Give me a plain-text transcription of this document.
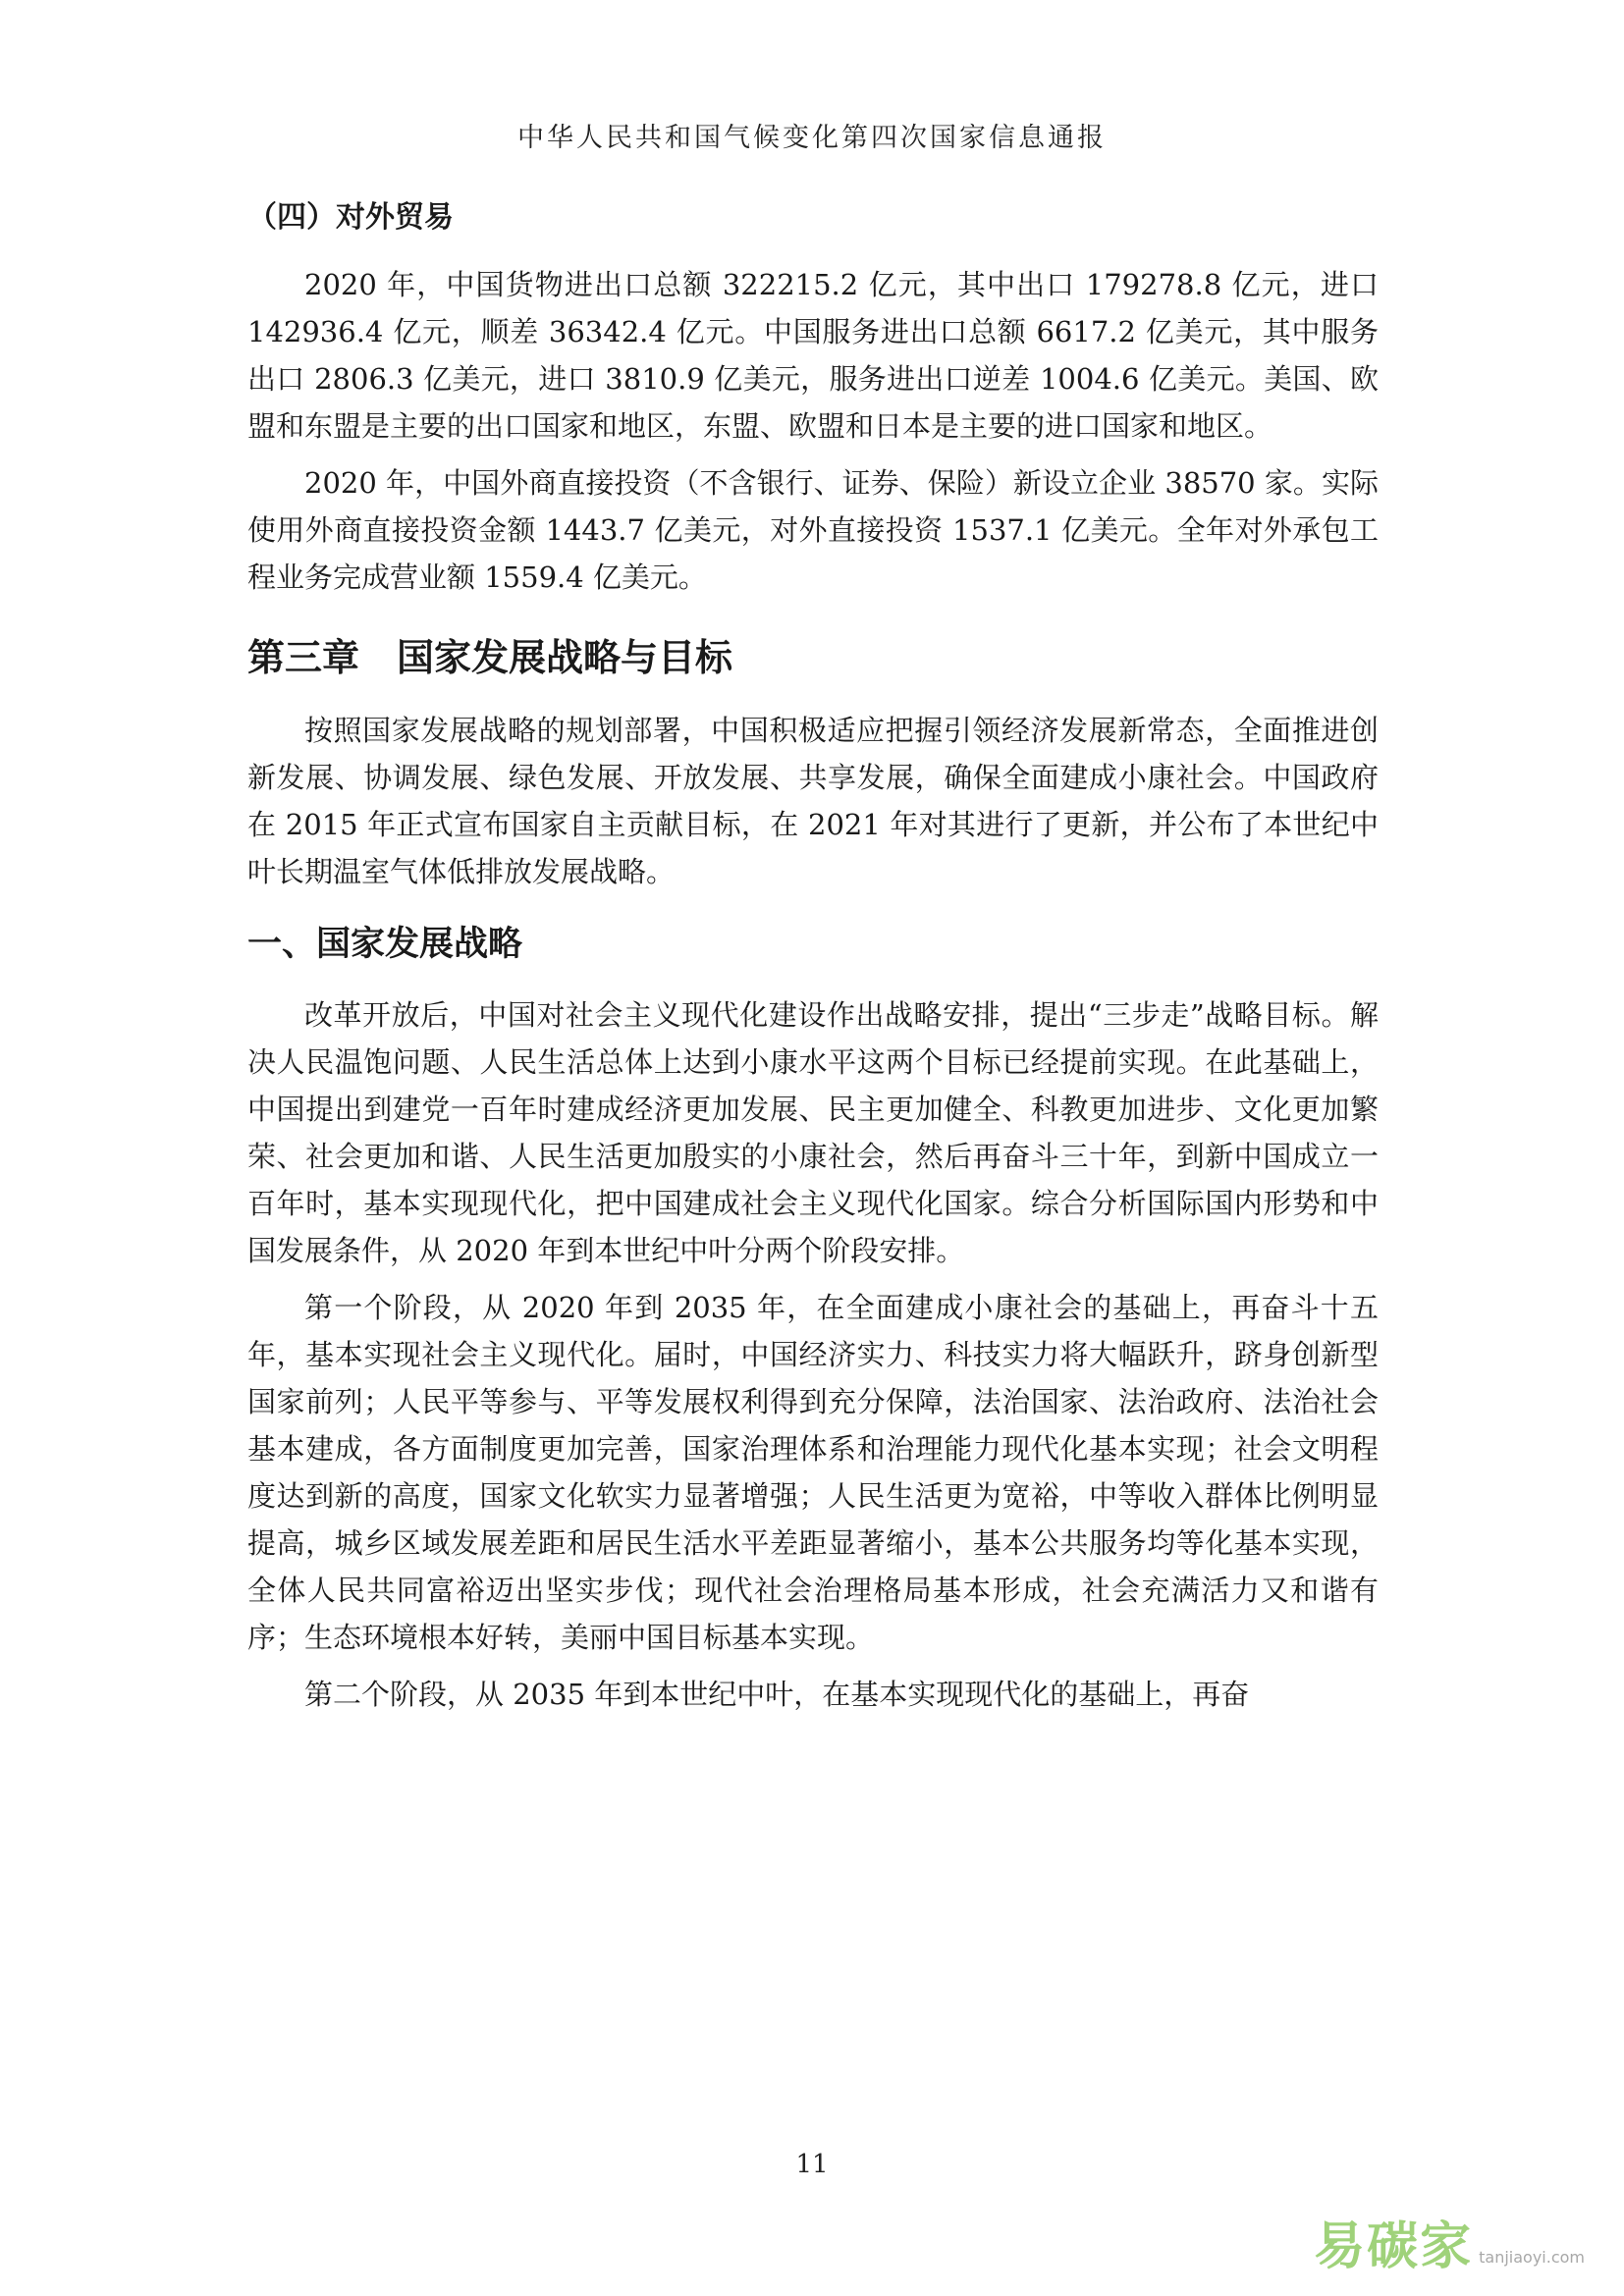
中华人民共和国气候变化第四次国家信息通报
（四）对外贸易

2020 年，中国货物进出口总额 322215.2 亿元，其中出口 179278.8 亿元，进口 142936.4 亿元，顺差 36342.4 亿元。中国服务进出口总额 6617.2 亿美元，其中服务出口 2806.3 亿美元，进口 3810.9 亿美元，服务进出口逆差 1004.6 亿美元。美国、欧盟和东盟是主要的出口国家和地区，东盟、欧盟和日本是主要的进口国家和地区。

2020 年，中国外商直接投资（不含银行、证券、保险）新设立企业 38570 家。实际使用外商直接投资金额 1443.7 亿美元，对外直接投资 1537.1 亿美元。全年对外承包工程业务完成营业额 1559.4 亿美元。

第三章　国家发展战略与目标

按照国家发展战略的规划部署，中国积极适应把握引领经济发展新常态，全面推进创新发展、协调发展、绿色发展、开放发展、共享发展，确保全面建成小康社会。中国政府在 2015 年正式宣布国家自主贡献目标，在 2021 年对其进行了更新，并公布了本世纪中叶长期温室气体低排放发展战略。

一、国家发展战略

改革开放后，中国对社会主义现代化建设作出战略安排，提出“三步走”战略目标。解决人民温饱问题、人民生活总体上达到小康水平这两个目标已经提前实现。在此基础上，中国提出到建党一百年时建成经济更加发展、民主更加健全、科教更加进步、文化更加繁荣、社会更加和谐、人民生活更加殷实的小康社会，然后再奋斗三十年，到新中国成立一百年时，基本实现现代化，把中国建成社会主义现代化国家。综合分析国际国内形势和中国发展条件，从 2020 年到本世纪中叶分两个阶段安排。

第一个阶段，从 2020 年到 2035 年，在全面建成小康社会的基础上，再奋斗十五年，基本实现社会主义现代化。届时，中国经济实力、科技实力将大幅跃升，跻身创新型国家前列；人民平等参与、平等发展权利得到充分保障，法治国家、法治政府、法治社会基本建成，各方面制度更加完善，国家治理体系和治理能力现代化基本实现；社会文明程度达到新的高度，国家文化软实力显著增强；人民生活更为宽裕，中等收入群体比例明显提高，城乡区域发展差距和居民生活水平差距显著缩小，基本公共服务均等化基本实现，全体人民共同富裕迈出坚实步伐；现代社会治理格局基本形成，社会充满活力又和谐有序；生态环境根本好转，美丽中国目标基本实现。

第二个阶段，从 2035 年到本世纪中叶，在基本实现现代化的基础上，再奋

11
易碳家 tanjiaoyi.com
